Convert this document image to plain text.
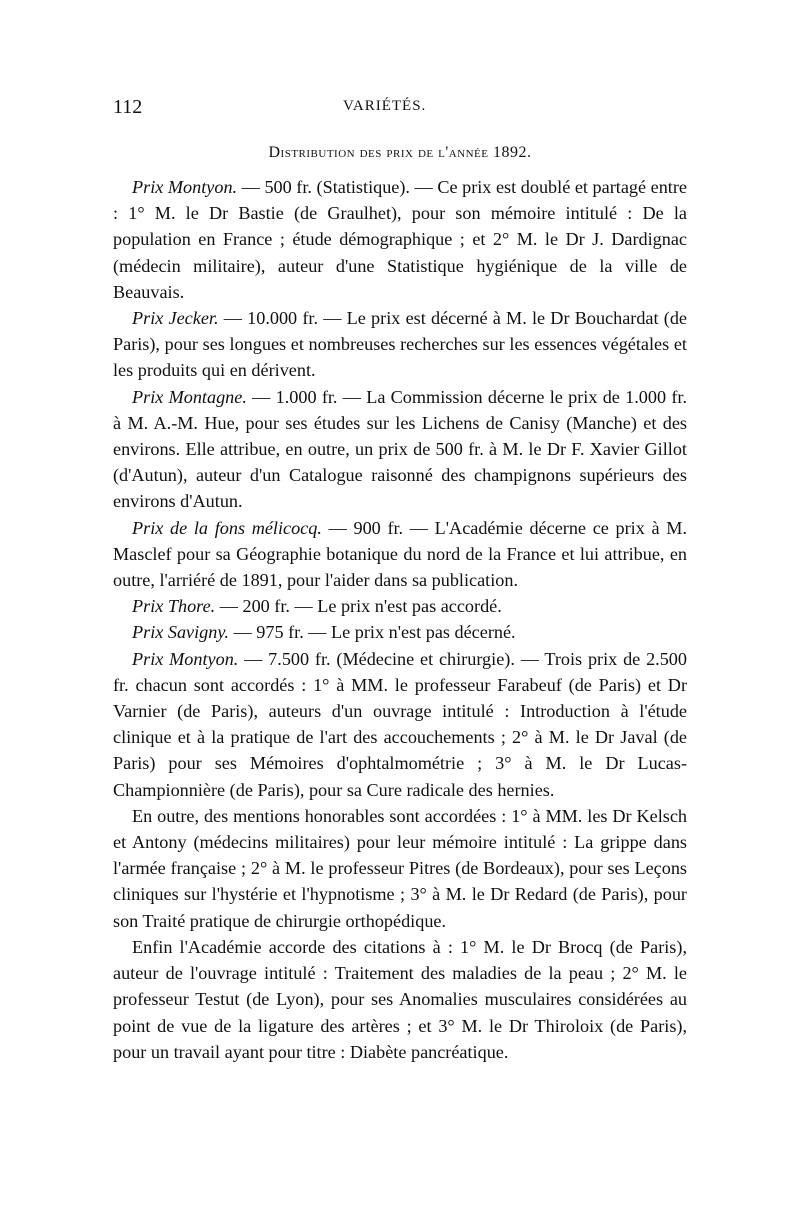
112	VARIÉTÉS.
Distribution des prix de l'année 1892.

Prix Montyon. — 500 fr. (Statistique). — Ce prix est doublé et partagé entre : 1° M. le Dr Bastie (de Graulhet), pour son mémoire intitulé : De la population en France ; étude démographique ; et 2° M. le Dr J. Dardignac (médecin militaire), auteur d'une Statistique hygiénique de la ville de Beauvais.

Prix Jecker. — 10.000 fr. — Le prix est décerné à M. le Dr Bouchardat (de Paris), pour ses longues et nombreuses recherches sur les essences végétales et les produits qui en dérivent.

Prix Montagne. — 1.000 fr. — La Commission décerne le prix de 1.000 fr. à M. A.-M. Hue, pour ses études sur les Lichens de Canisy (Manche) et des environs. Elle attribue, en outre, un prix de 500 fr. à M. le Dr F. Xavier Gillot (d'Autun), auteur d'un Catalogue raisonné des champignons supérieurs des environs d'Autun.

Prix de la fons mélicocq. — 900 fr. — L'Académie décerne ce prix à M. Masclef pour sa Géographie botanique du nord de la France et lui attribue, en outre, l'arriéré de 1891, pour l'aider dans sa publication.

Prix Thore. — 200 fr. — Le prix n'est pas accordé.

Prix Savigny. — 975 fr. — Le prix n'est pas décerné.

Prix Montyon. — 7.500 fr. (Médecine et chirurgie). — Trois prix de 2.500 fr. chacun sont accordés : 1° à MM. le professeur Farabeuf (de Paris) et Dr Varnier (de Paris), auteurs d'un ouvrage intitulé : Introduction à l'étude clinique et à la pratique de l'art des accouchements ; 2° à M. le Dr Javal (de Paris) pour ses Mémoires d'ophtalmométrie ; 3° à M. le Dr Lucas-Championnière (de Paris), pour sa Cure radicale des hernies.

En outre, des mentions honorables sont accordées : 1° à MM. les Dr Kelsch et Antony (médecins militaires) pour leur mémoire intitulé : La grippe dans l'armée française ; 2° à M. le professeur Pitres (de Bordeaux), pour ses Leçons cliniques sur l'hystérie et l'hypnotisme ; 3° à M. le Dr Redard (de Paris), pour son Traité pratique de chirurgie orthopédique.

Enfin l'Académie accorde des citations à : 1° M. le Dr Brocq (de Paris), auteur de l'ouvrage intitulé : Traitement des maladies de la peau ; 2° M. le professeur Testut (de Lyon), pour ses Anomalies musculaires considérées au point de vue de la ligature des artères ; et 3° M. le Dr Thiroloix (de Paris), pour un travail ayant pour titre : Diabète pancréatique.
